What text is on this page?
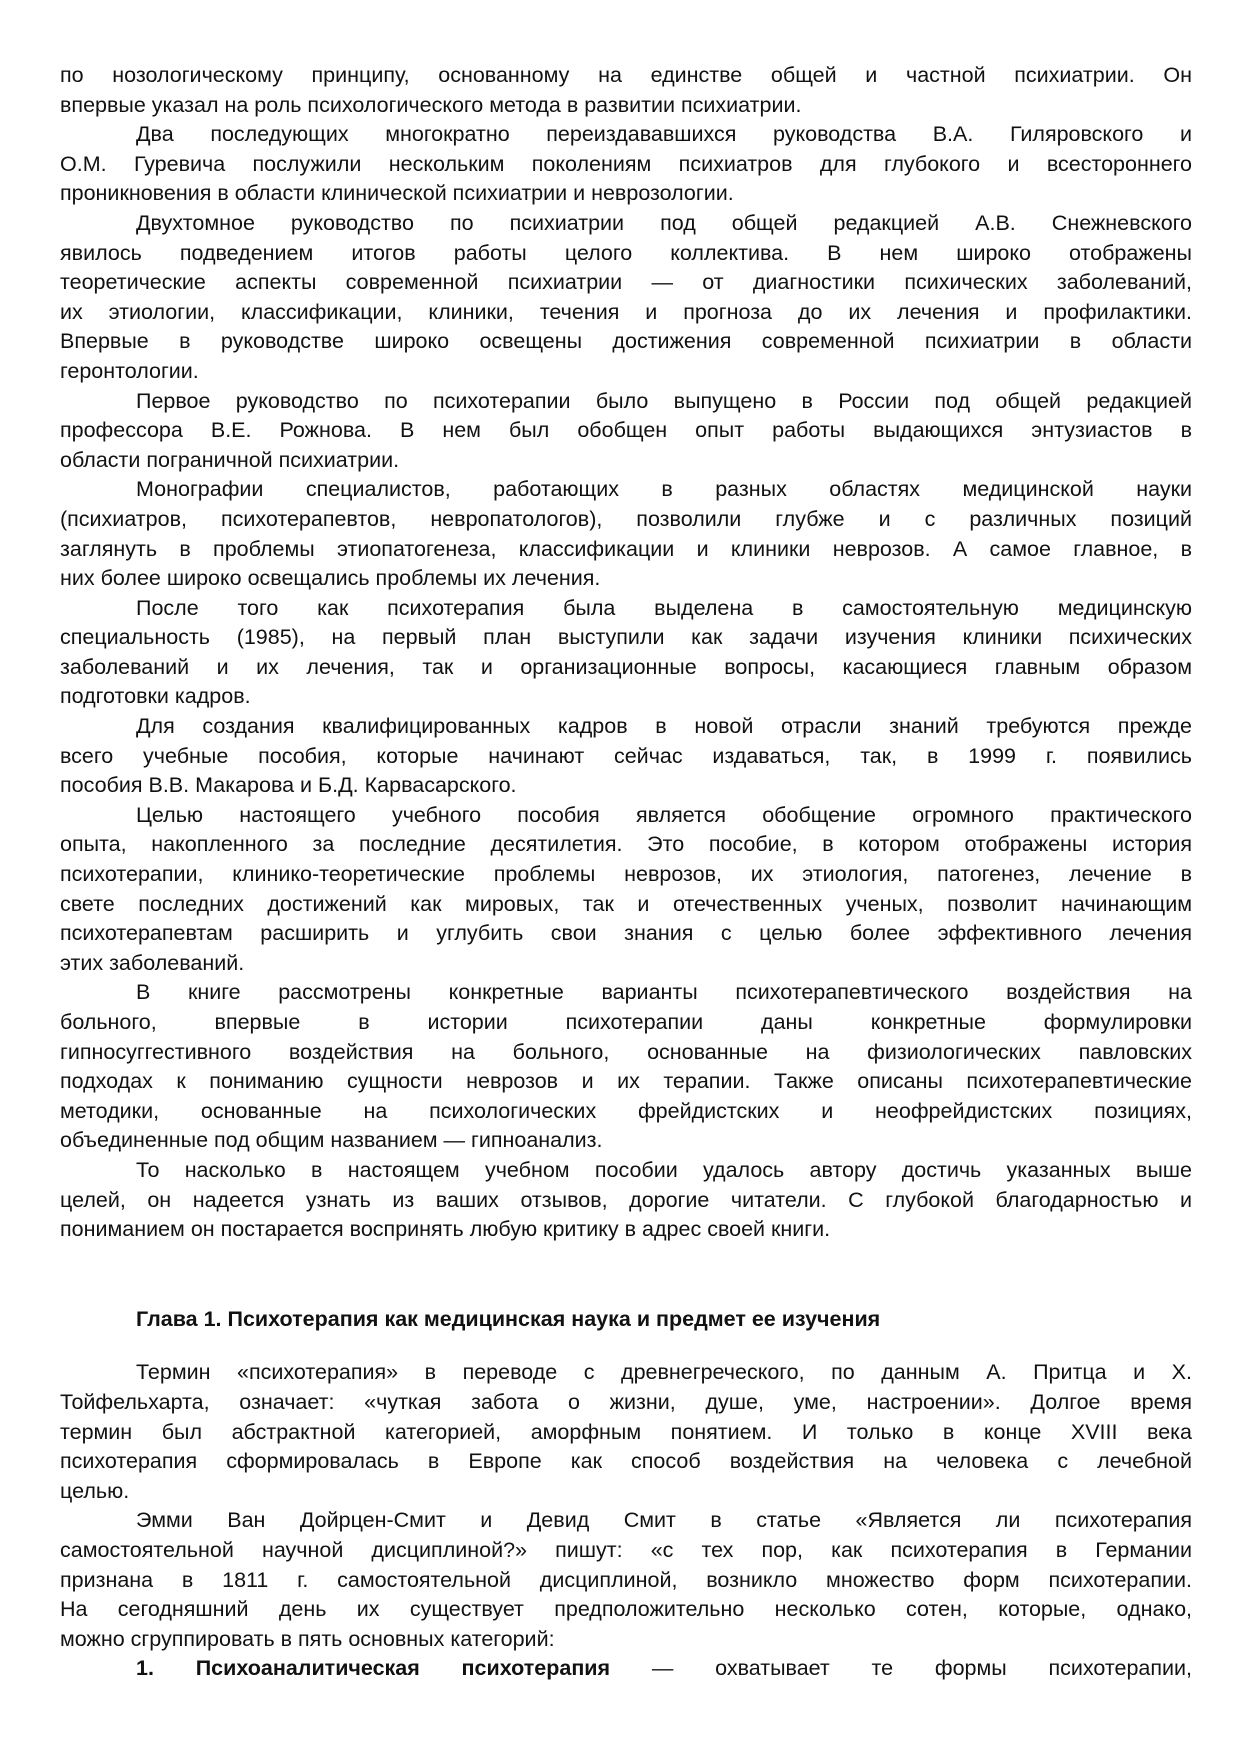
по нозологическому принципу, основанному на единстве общей и частной психиатрии. Он
впервые указал на роль психологического метода в развитии психиатрии.
Два последующих многократно переиздававшихся руководства В.А. Гиляровского и
О.М. Гуревича послужили нескольким поколениям психиатров для глубокого и всестороннего
проникновения в области клинической психиатрии и неврозологии.
Двухтомное руководство по психиатрии под общей редакцией А.В. Снежневского
явилось подведением итогов работы целого коллектива. В нем широко отображены
теоретические аспекты современной психиатрии — от диагностики психических заболеваний,
их этиологии, классификации, клиники, течения и прогноза до их лечения и профилактики.
Впервые в руководстве широко освещены достижения современной психиатрии в области
геронтологии.
Первое руководство по психотерапии было выпущено в России под общей редакцией
профессора В.Е. Рожнова. В нем был обобщен опыт работы выдающихся энтузиастов в
области пограничной психиатрии.
Монографии специалистов, работающих в разных областях медицинской науки
(психиатров, психотерапевтов, невропатологов), позволили глубже и с различных позиций
заглянуть в проблемы этиопатогенеза, классификации и клиники неврозов. А самое главное, в
них более широко освещались проблемы их лечения.
После того как психотерапия была выделена в самостоятельную медицинскую
специальность (1985), на первый план выступили как задачи изучения клиники психических
заболеваний и их лечения, так и организационные вопросы, касающиеся главным образом
подготовки кадров.
Для создания квалифицированных кадров в новой отрасли знаний требуются прежде
всего учебные пособия, которые начинают сейчас издаваться, так, в 1999 г. появились
пособия В.В. Макарова и Б.Д. Карвасарского.
Целью настоящего учебного пособия является обобщение огромного практического
опыта, накопленного за последние десятилетия. Это пособие, в котором отображены история
психотерапии, клинико-теоретические проблемы неврозов, их этиология, патогенез, лечение в
свете последних достижений как мировых, так и отечественных ученых, позволит начинающим
психотерапевтам расширить и углубить свои знания с целью более эффективного лечения
этих заболеваний.
В книге рассмотрены конкретные варианты психотерапевтического воздействия на
больного, впервые в истории психотерапии даны конкретные формулировки
гипносуггестивного воздействия на больного, основанные на физиологических павловских
подходах к пониманию сущности неврозов и их терапии. Также описаны психотерапевтические
методики, основанные на психологических фрейдистских и неофрейдистских позициях,
объединенные под общим названием — гипноанализ.
То насколько в настоящем учебном пособии удалось автору достичь указанных выше
целей, он надеется узнать из ваших отзывов, дорогие читатели. С глубокой благодарностью и
пониманием он постарается воспринять любую критику в адрес своей книги.
Глава 1. Психотерапия как медицинская наука и предмет ее изучения
Термин «психотерапия» в переводе с древнегреческого, по данным А. Притца и Х.
Тойфельхарта, означает: «чуткая забота о жизни, душе, уме, настроении». Долгое время
термин был абстрактной категорией, аморфным понятием. И только в конце XVIII века
психотерапия сформировалась в Европе как способ воздействия на человека с лечебной
целью.
Эмми Ван Дойрцен-Смит и Девид Смит в статье «Является ли психотерапия
самостоятельной научной дисциплиной?» пишут: «с тех пор, как психотерапия в Германии
признана в 1811 г. самостоятельной дисциплиной, возникло множество форм психотерапии.
На сегодняшний день их существует предположительно несколько сотен, которые, однако,
можно сгруппировать в пять основных категорий:
1. Психоаналитическая психотерапия — охватывает те формы психотерапии,
